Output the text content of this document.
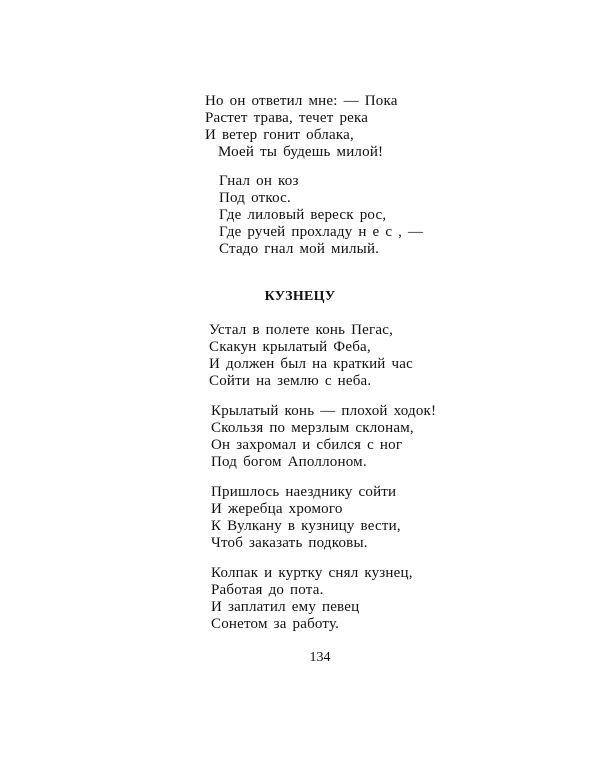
Но он ответил мне: — Пока
Растет трава, течет река
И ветер гонит облака,
Моей ты будешь милой!
Гнал он коз
Под откос.
Где лиловый вереск рос,
Где ручей прохладу н е с , —
Стадо гнал мой милый.
КУЗНЕЦУ
Устал в полете конь Пегас,
Скакун крылатый Феба,
И должен был на краткий час
Сойти на землю с неба.
Крылатый конь — плохой ходок!
Скользя по мерзлым склонам,
Он захромал и сбился с ног
Под богом Аполлоном.
Пришлось наезднику сойти
И жеребца хромого
К Вулкану в кузницу вести,
Чтоб заказать подковы.
Колпак и куртку снял кузнец,
Работая до пота.
И заплатил ему певец
Сонетом за работу.
134
